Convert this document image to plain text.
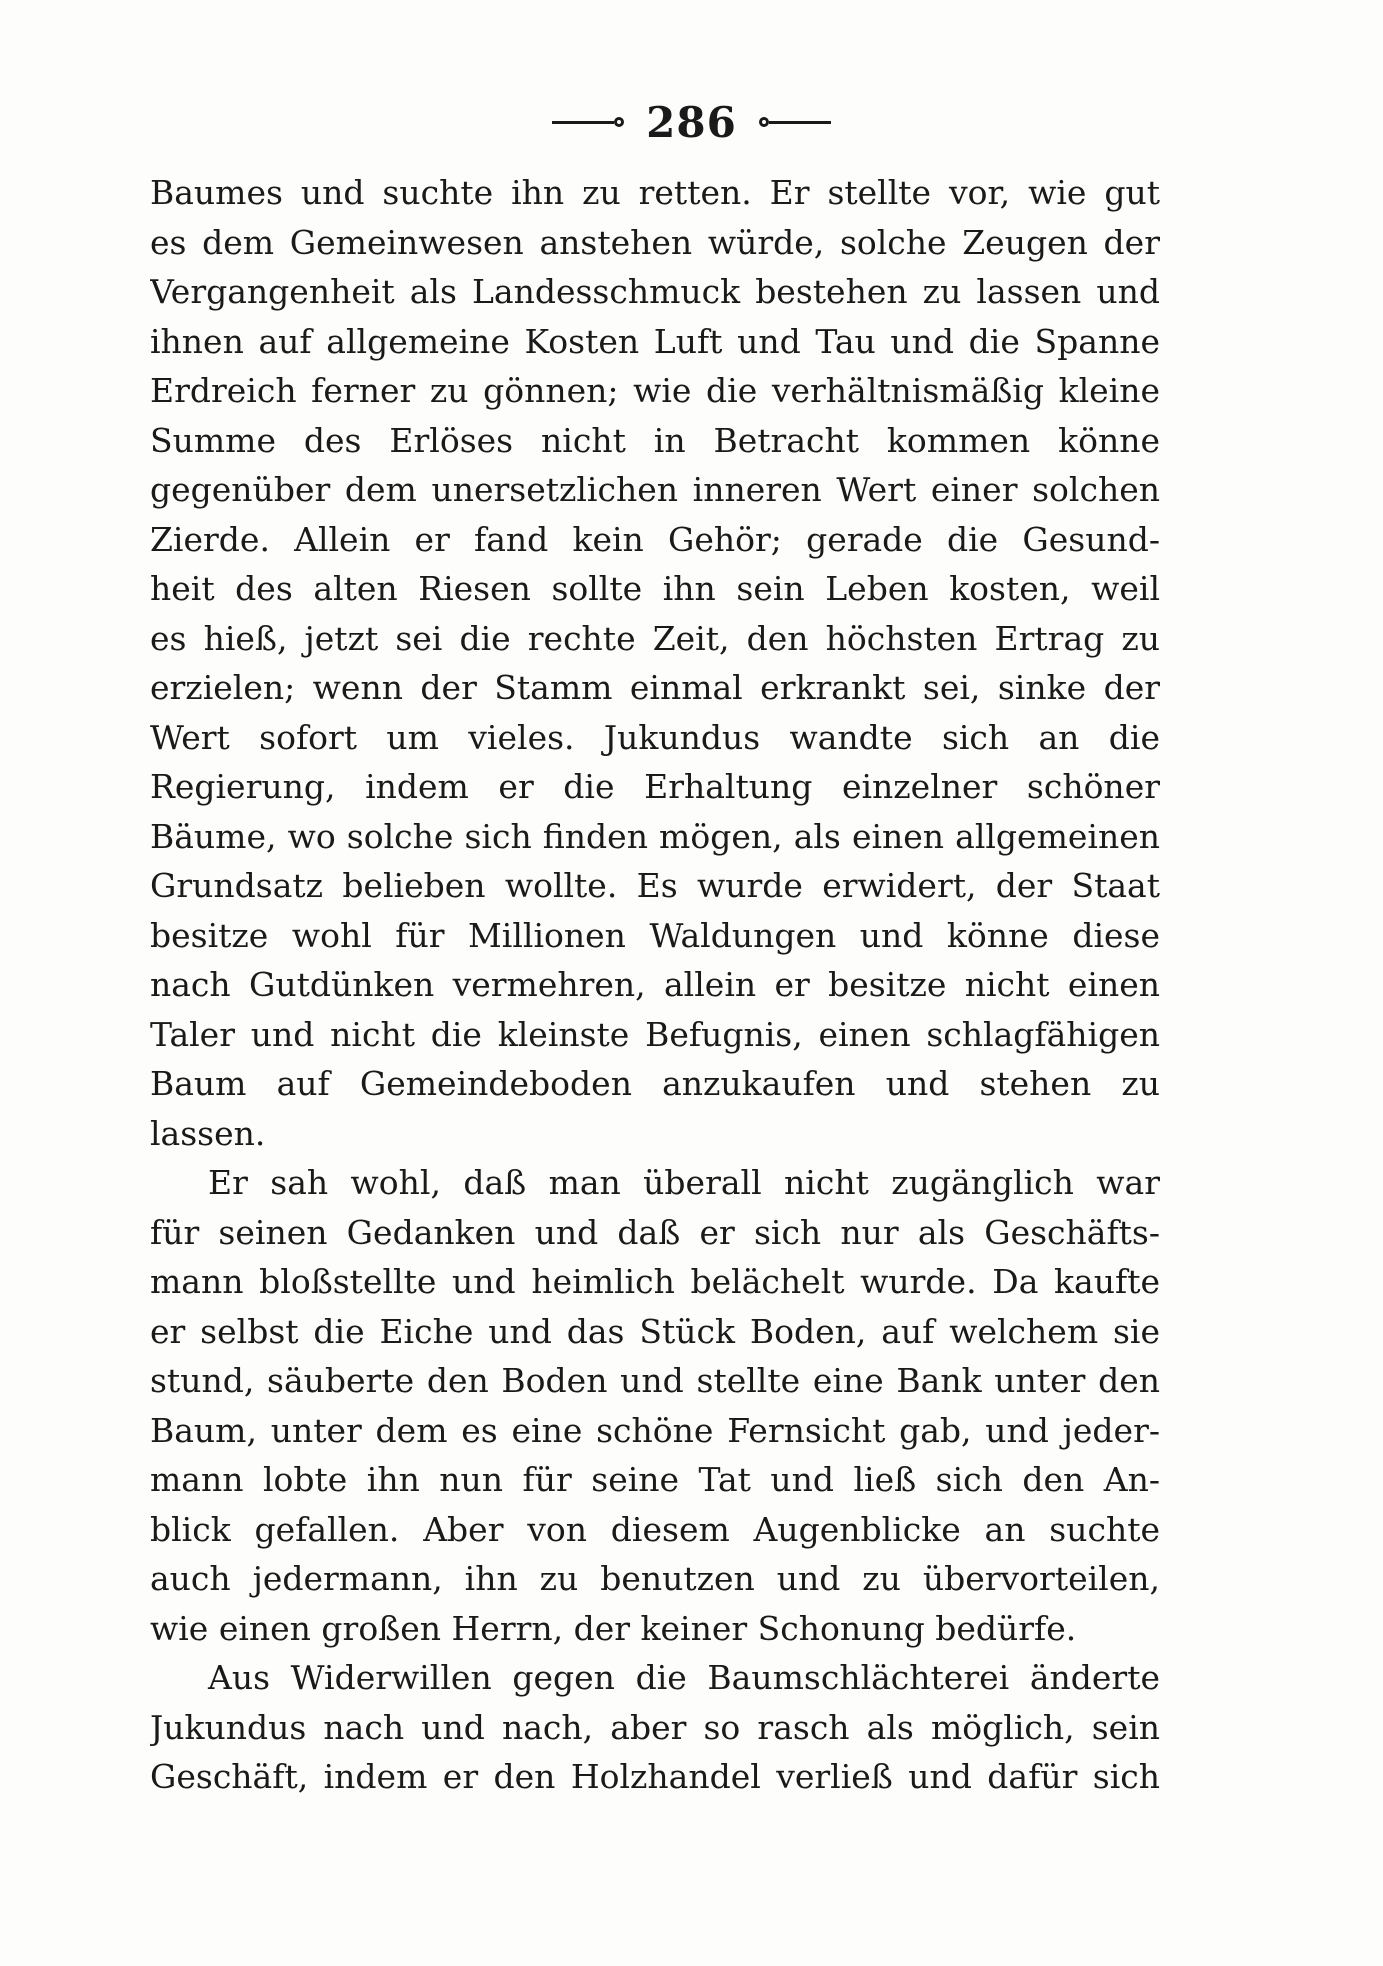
286
Baumes und suchte ihn zu retten. Er stellte vor, wie gut
es dem Gemeinwesen anstehen würde, solche Zeugen der
Vergangenheit als Landesschmuck bestehen zu lassen und
ihnen auf allgemeine Kosten Luft und Tau und die Spanne
Erdreich ferner zu gönnen; wie die verhältnismäßig kleine
Summe des Erlöses nicht in Betracht kommen könne
gegenüber dem unersetzlichen inneren Wert einer solchen
Zierde. Allein er fand kein Gehör; gerade die Gesund-
heit des alten Riesen sollte ihn sein Leben kosten, weil
es hieß, jetzt sei die rechte Zeit, den höchsten Ertrag zu
erzielen; wenn der Stamm einmal erkrankt sei, sinke der
Wert sofort um vieles. Jukundus wandte sich an die
Regierung, indem er die Erhaltung einzelner schöner
Bäume, wo solche sich finden mögen, als einen allgemeinen
Grundsatz belieben wollte. Es wurde erwidert, der Staat
besitze wohl für Millionen Waldungen und könne diese
nach Gutdünken vermehren, allein er besitze nicht einen
Taler und nicht die kleinste Befugnis, einen schlagfähigen
Baum auf Gemeindeboden anzukaufen und stehen zu
lassen.
Er sah wohl, daß man überall nicht zugänglich war
für seinen Gedanken und daß er sich nur als Geschäfts-
mann bloßstellte und heimlich belächelt wurde. Da kaufte
er selbst die Eiche und das Stück Boden, auf welchem sie
stund, säuberte den Boden und stellte eine Bank unter den
Baum, unter dem es eine schöne Fernsicht gab, und jeder-
mann lobte ihn nun für seine Tat und ließ sich den An-
blick gefallen. Aber von diesem Augenblicke an suchte
auch jedermann, ihn zu benutzen und zu übervorteilen,
wie einen großen Herrn, der keiner Schonung bedürfe.
Aus Widerwillen gegen die Baumschlächterei änderte
Jukundus nach und nach, aber so rasch als möglich, sein
Geschäft, indem er den Holzhandel verließ und dafür sich
